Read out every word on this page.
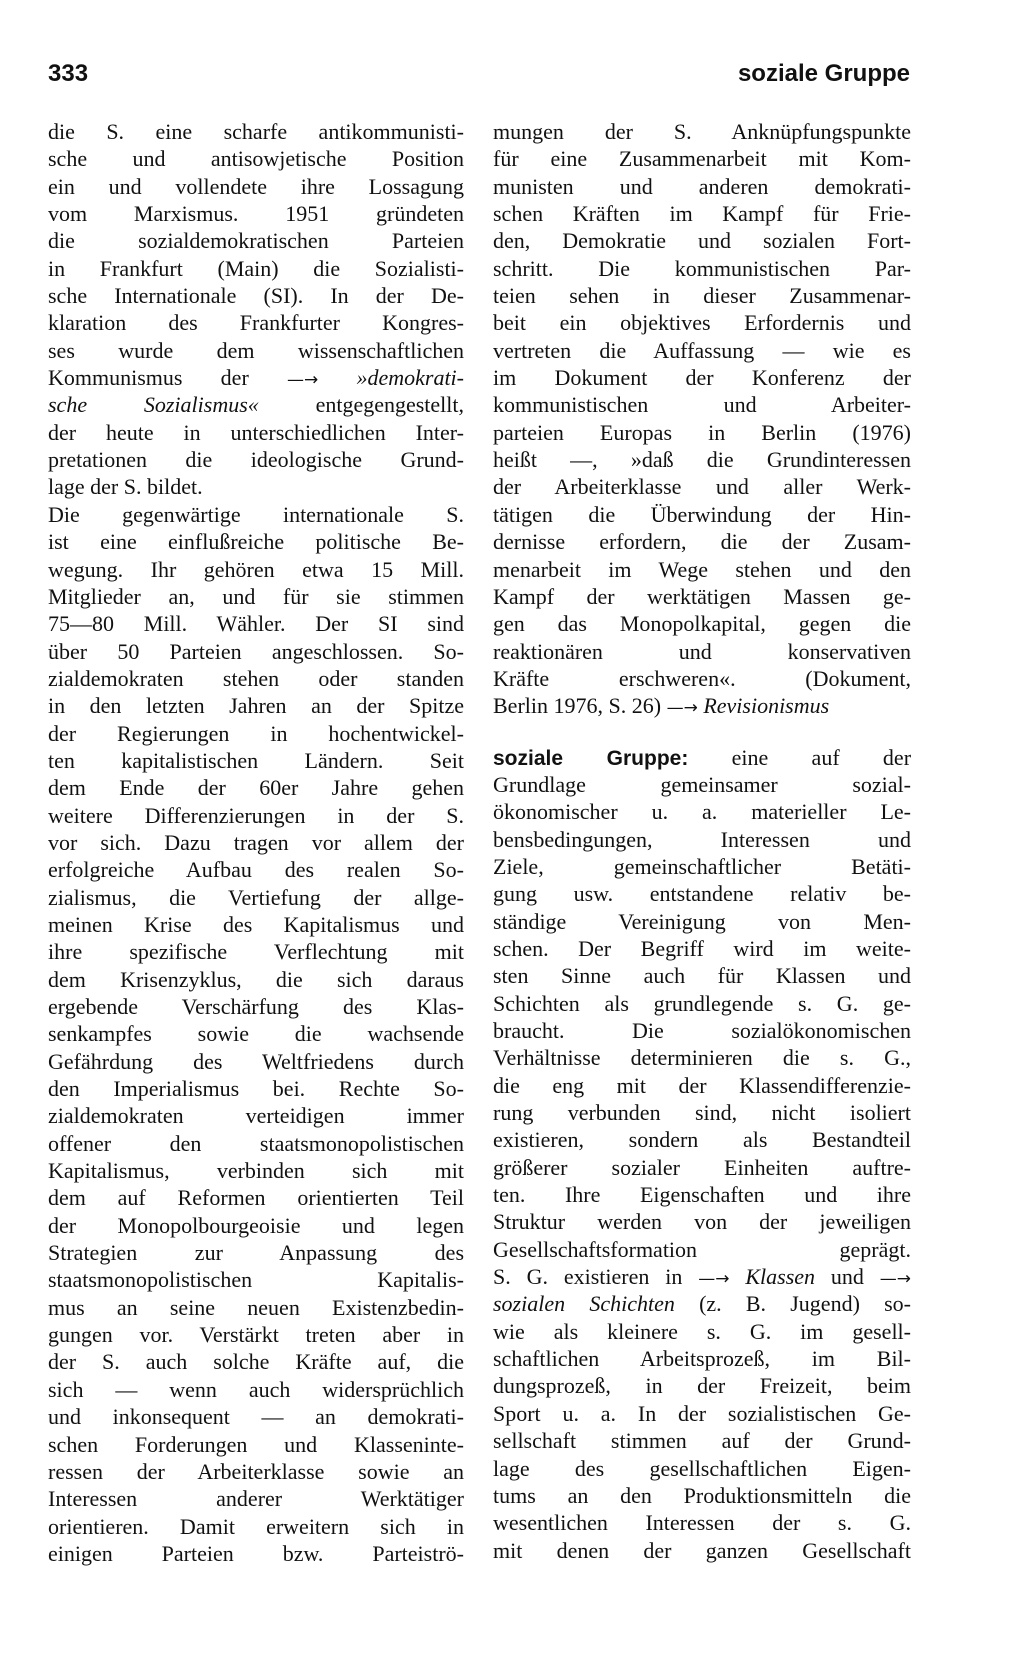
333	soziale Gruppe
die S. eine scharfe antikommunisti-
sche und antisowjetische Position
ein und vollendete ihre Lossagung
vom Marxismus. 1951 gründeten
die sozialdemokratischen Parteien
in Frankfurt (Main) die Sozialisti-
sche Internationale (SI). In der De-
klaration des Frankfurter Kongres-
ses wurde dem wissenschaftlichen
Kommunismus der —→ »demokrati-
sche Sozialismus«	entgegengestellt,
der heute in unterschiedlichen Inter-
pretationen die ideologische Grund-
lage der S. bildet.
Die gegenwärtige internationale S.
ist eine einflußreiche politische Be-
wegung. Ihr gehören etwa 15 Mill.
Mitglieder an, und für sie stimmen
75—80 Mill. Wähler. Der SI sind
über 50 Parteien angeschlossen. So-
zialdemokraten stehen oder standen
in den letzten Jahren an der Spitze
der Regierungen in hochentwickel-
ten kapitalistischen Ländern. Seit
dem Ende der 60er Jahre gehen
weitere Differenzierungen in der S.
vor sich. Dazu tragen vor allem der
erfolgreiche Aufbau des realen So-
zialismus, die Vertiefung der allge-
meinen Krise des Kapitalismus und
ihre spezifische Verflechtung mit
dem Krisenzyklus, die sich daraus
ergebende Verschärfung des Klas-
senkampfes sowie die wachsende
Gefährdung des Weltfriedens durch
den Imperialismus bei. Rechte So-
zialdemokraten verteidigen immer
offener den staatsmonopolistischen
Kapitalismus, verbinden sich mit
dem auf Reformen orientierten Teil
der Monopolbourgeoisie und legen
Strategien zur Anpassung des
staatsmonopolistischen Kapitalis-
mus an seine neuen Existenzbedin-
gungen vor. Verstärkt treten aber in
der S. auch solche Kräfte auf, die
sich — wenn auch widersprüchlich
und inkonsequent — an demokrati-
schen Forderungen und Klasseninte-
ressen der Arbeiterklasse sowie an
Interessen anderer Werktätiger
orientieren. Damit erweitern sich in
einigen Parteien bzw. Parteiströ-
mungen der S. Anknüpfungspunkte
für eine Zusammenarbeit mit Kom-
munisten und anderen demokrati-
schen Kräften im Kampf für Frie-
den, Demokratie und sozialen Fort-
schritt. Die kommunistischen Par-
teien sehen in dieser Zusammenar-
beit ein objektives Erfordernis und
vertreten die Auffassung — wie es
im Dokument der Konferenz der
kommunistischen und Arbeiter-
parteien Europas in Berlin (1976)
heißt —, »daß die Grundinteressen
der Arbeiterklasse und aller Werk-
tätigen die Überwindung der Hin-
dernisse erfordern, die der Zusam-
menarbeit im Wege stehen und den
Kampf der werktätigen Massen ge-
gen das Monopolkapital, gegen die
reaktionären und konservativen
Kräfte erschweren«. (Dokument,
Berlin 1976, S. 26) —→ Revisionismus
soziale Gruppe: eine auf der
Grundlage gemeinsamer sozial-
ökonomischer u. a. materieller Le-
bensbedingungen, Interessen und
Ziele, gemeinschaftlicher Betäti-
gung usw. entstandene relativ be-
ständige Vereinigung von Men-
schen. Der Begriff wird im weite-
sten Sinne auch für Klassen und
Schichten als grundlegende s. G. ge-
braucht. Die sozialökonomischen
Verhältnisse determinieren die s. G.,
die eng mit der Klassendifferenzie-
rung verbunden sind, nicht isoliert
existieren, sondern als Bestandteil
größerer sozialer Einheiten auftre-
ten. Ihre Eigenschaften und ihre
Struktur werden von der jeweiligen
Gesellschaftsformation geprägt.
S. G. existieren in —→ Klassen und —→
sozialen Schichten (z. B. Jugend) so-
wie als kleinere s. G. im gesell-
schaftlichen Arbeitsprozeß, im Bil-
dungsprozeß, in der Freizeit, beim
Sport u. a. In der sozialistischen Ge-
sellschaft stimmen auf der Grund-
lage des gesellschaftlichen Eigen-
tums an den Produktionsmitteln die
wesentlichen Interessen der s. G.
mit denen der ganzen Gesellschaft
